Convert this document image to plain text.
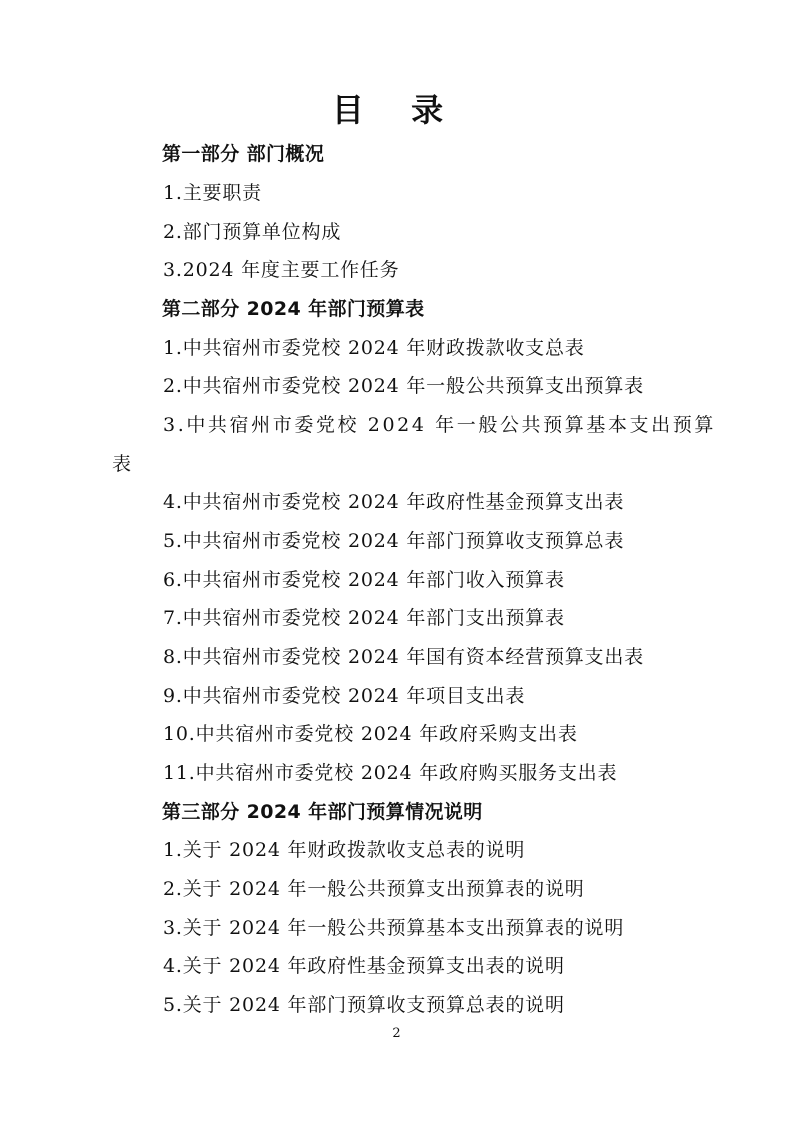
目 录
第一部分 部门概况
1.主要职责
2.部门预算单位构成
3.2024 年度主要工作任务
第二部分 2024 年部门预算表
1.中共宿州市委党校 2024 年财政拨款收支总表
2.中共宿州市委党校 2024 年一般公共预算支出预算表
3.中共宿州市委党校 2024 年一般公共预算基本支出预算
表
4.中共宿州市委党校 2024 年政府性基金预算支出表
5.中共宿州市委党校 2024 年部门预算收支预算总表
6.中共宿州市委党校 2024 年部门收入预算表
7.中共宿州市委党校 2024 年部门支出预算表
8.中共宿州市委党校 2024 年国有资本经营预算支出表
9.中共宿州市委党校 2024 年项目支出表
10.中共宿州市委党校 2024 年政府采购支出表
11.中共宿州市委党校 2024 年政府购买服务支出表
第三部分 2024 年部门预算情况说明
1.关于 2024 年财政拨款收支总表的说明
2.关于 2024 年一般公共预算支出预算表的说明
3.关于 2024 年一般公共预算基本支出预算表的说明
4.关于 2024 年政府性基金预算支出表的说明
5.关于 2024 年部门预算收支预算总表的说明
2
